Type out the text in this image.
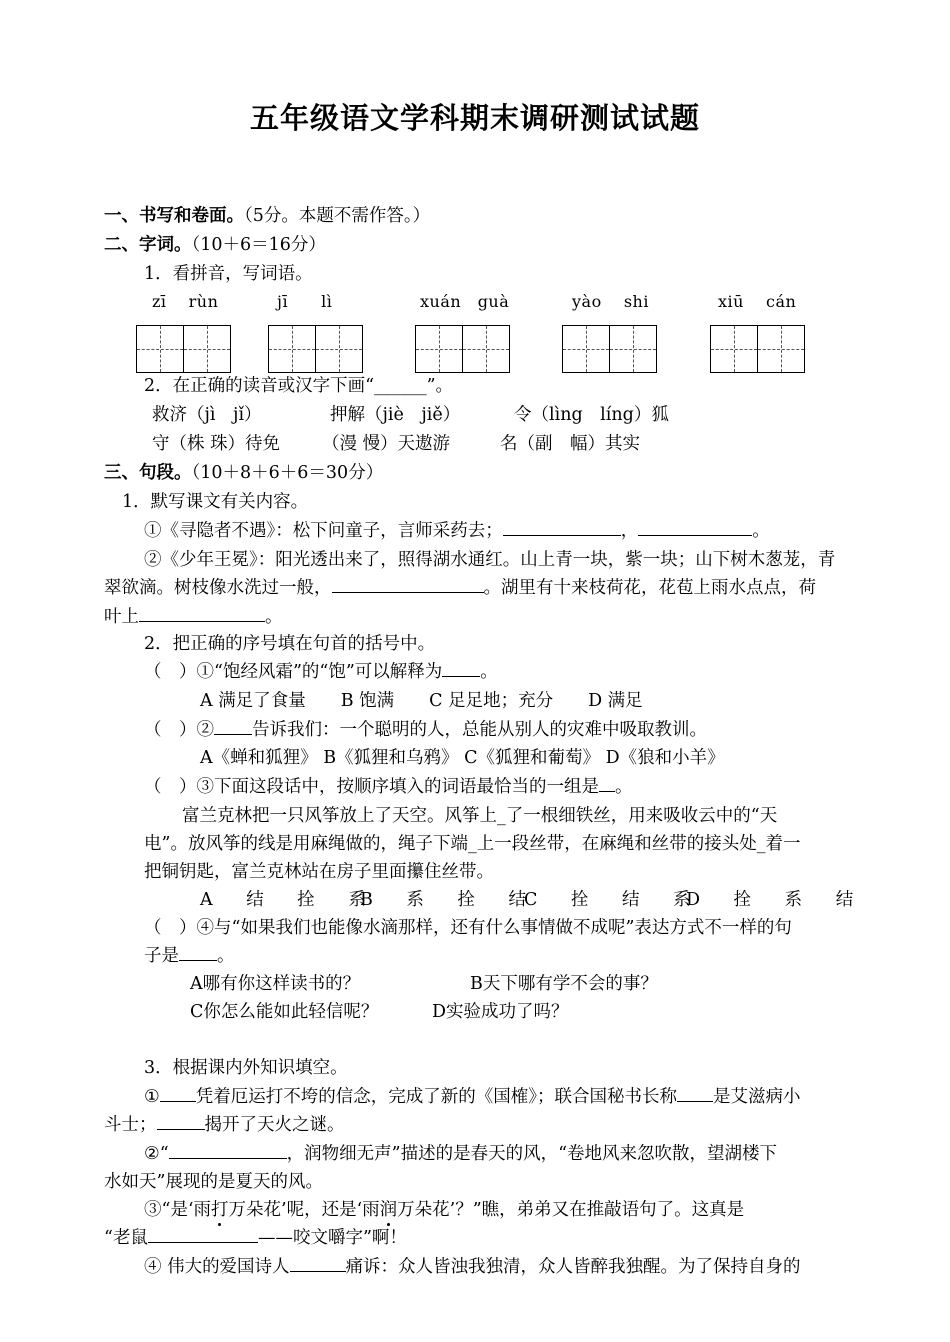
五年级语文学科期末调研测试试题
一、书写和卷面。（5分。本题不需作答。）
二、字词。（10＋6＝16分）
1．看拼音，写词语。
zī　 rùn	jī　　 lì	xuán　 guà	yào　 shi	xiū　 cán
2．在正确的读音或汉字下画“______”。
救济（jì　jǐ）	押解（jiè　jiě）	令（lìng　líng）狐
守（株 珠）待免 （漫 慢）天遨游	名（副　幅）其实
三、句段。（10＋8＋6＋6＝30分）
1．默写课文有关内容。
①《寻隐者不遇》：松下问童子，言师采药去；	，	。
②《少年王冕》：阳光透出来了，照得湖水通红。山上青一块，紫一块；山下树木葱茏，青
翠欲滴。树枝像水洗过一般，	。湖里有十来枝荷花，花苞上雨水点点，荷
叶上	。
2．把正确的序号填在句首的括号中。
（　）①“饱经风霜”的“饱”可以解释为 。
A 满足了食量　　B 饱满　　C 足足地；充分　　D 满足
（　）② 告诉我们：一个聪明的人，总能从别人的灾难中吸取教训。
A《蝉和狐狸》 B《狐狸和乌鸦》 C《狐狸和葡萄》 D《狼和小羊》
（　）③下面这段话中，按顺序填入的词语最恰当的一组是 。
富兰克林把一只风筝放上了天空。风筝上_了一根细铁丝，用来吸收云中的“天
电”。放风筝的线是用麻绳做的，绳子下端_上一段丝带，在麻绳和丝带的接头处_着一
把铜钥匙，富兰克林站在房子里面攥住丝带。
A 结 拴 系
B 系 拴 结
C 拴 结 系
D 拴 系 结
（　）④与“如果我们也能像水滴那样，还有什么事情做不成呢”表达方式不一样的句
子是 。
A哪有你这样读书的？	B天下哪有学不会的事？
C你怎么能如此轻信呢？	D实验成功了吗？
3．根据课内外知识填空。
① 凭着厄运打不垮的信念，完成了新的《国榷》；联合国秘书长称 是艾滋病小
斗士；	揭开了天火之谜。
②“	，润物细无声”描述的是春天的风，“卷地风来忽吹散，望湖楼下
水如天”展现的是夏天的风。
③“是‘雨打万朵花’呢，还是‘雨润万朵花’？”瞧，弟弟又在推敲语句了。这真是
“老鼠	——咬文嚼字”啊！
④ 伟大的爱国诗人	痛诉：众人皆浊我独清，众人皆醉我独醒。为了保持自身的
